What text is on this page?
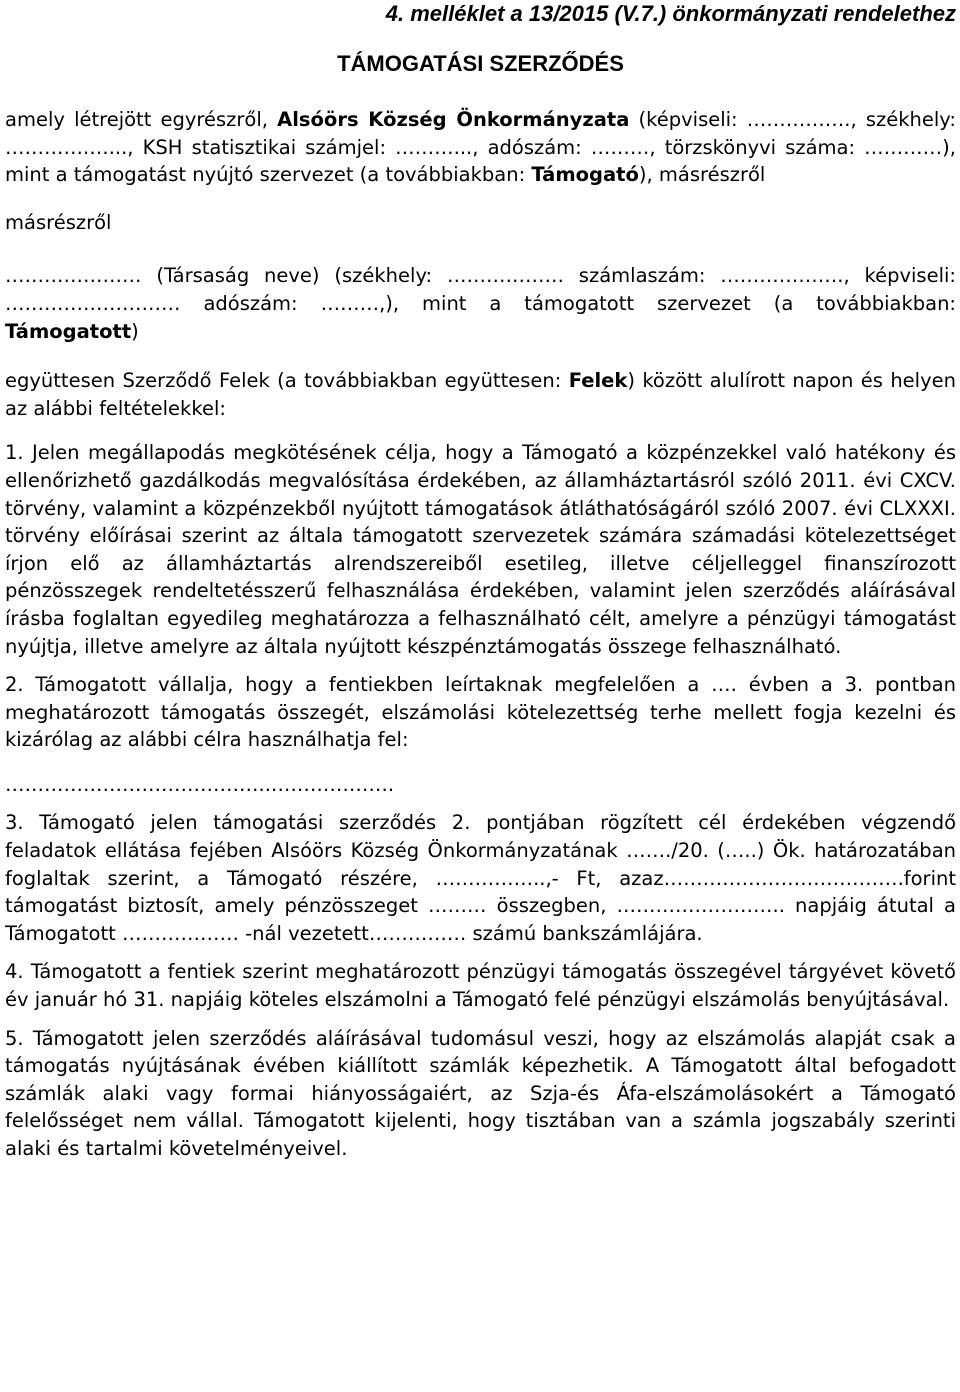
4. melléklet a 13/2015 (V.7.) önkormányzati rendelethez
TÁMOGATÁSI SZERZŐDÉS

amely létrejött egyrészről, Alsóörs Község Önkormányzata (képviseli: ……………., székhely: ………….…..., KSH statisztikai számjel: ………..., adószám: ………, törzskönyvi száma: …………), mint a támogatást nyújtó szervezet (a továbbiakban: Támogató), másrészről

másrészről

………………… (Társaság neve) (székhely: ……………… számlaszám: ………………., képviseli: ……………………… adószám: ………,), mint a támogatott szervezet (a továbbiakban: Támogatott)

együttesen Szerződő Felek (a továbbiakban együttesen: Felek) között alulírott napon és helyen az alábbi feltételekkel:

1. Jelen megállapodás megkötésének célja, hogy a Támogató a közpénzekkel való hatékony és ellenőrizhető gazdálkodás megvalósítása érdekében, az államháztartásról szóló 2011. évi CXCV. törvény, valamint a közpénzekből nyújtott támogatások átláthatóságáról szóló 2007. évi CLXXXI. törvény előírásai szerint az általa támogatott szervezetek számára számadási kötelezettséget írjon elő az államháztartás alrendszereiből esetileg, illetve céljelleggel finanszírozott pénzösszegek rendeltetésszerű felhasználása érdekében, valamint jelen szerződés aláírásával írásba foglaltan egyedileg meghatározza a felhasználható célt, amelyre a pénzügyi támogatást nyújtja, illetve amelyre az általa nyújtott készpénztámogatás összege felhasználható.

2. Támogatott vállalja, hogy a fentiekben leírtaknak megfelelően a …. évben a 3. pontban meghatározott támogatás összegét, elszámolási kötelezettség terhe mellett fogja kezelni és kizárólag az alábbi célra használhatja fel:

…………………………………..……………….

3. Támogató jelen támogatási szerződés 2. pontjában rögzített cél érdekében végzendő feladatok ellátása fejében Alsóörs Község Önkormányzatának ……./20. (…..) Ök. határozatában foglaltak szerint, a Támogató részére, ……………..,- Ft, azaz……………………………….forint támogatást biztosít, amely pénzösszeget ……… összegben, …………………….. napjáig átutal a Támogatott ……………… -nál vezetett…………… számú bankszámlájára.

4. Támogatott a fentiek szerint meghatározott pénzügyi támogatás összegével tárgyévet követő év január hó 31. napjáig köteles elszámolni a Támogató felé pénzügyi elszámolás benyújtásával.

5. Támogatott jelen szerződés aláírásával tudomásul veszi, hogy az elszámolás alapját csak a támogatás nyújtásának évében kiállított számlák képezhetik. A Támogatott által befogadott számlák alaki vagy formai hiányosságaiért, az Szja-és Áfa-elszámolásokért a Támogató felelősséget nem vállal. Támogatott kijelenti, hogy tisztában van a számla jogszabály szerinti alaki és tartalmi követelményeivel.
